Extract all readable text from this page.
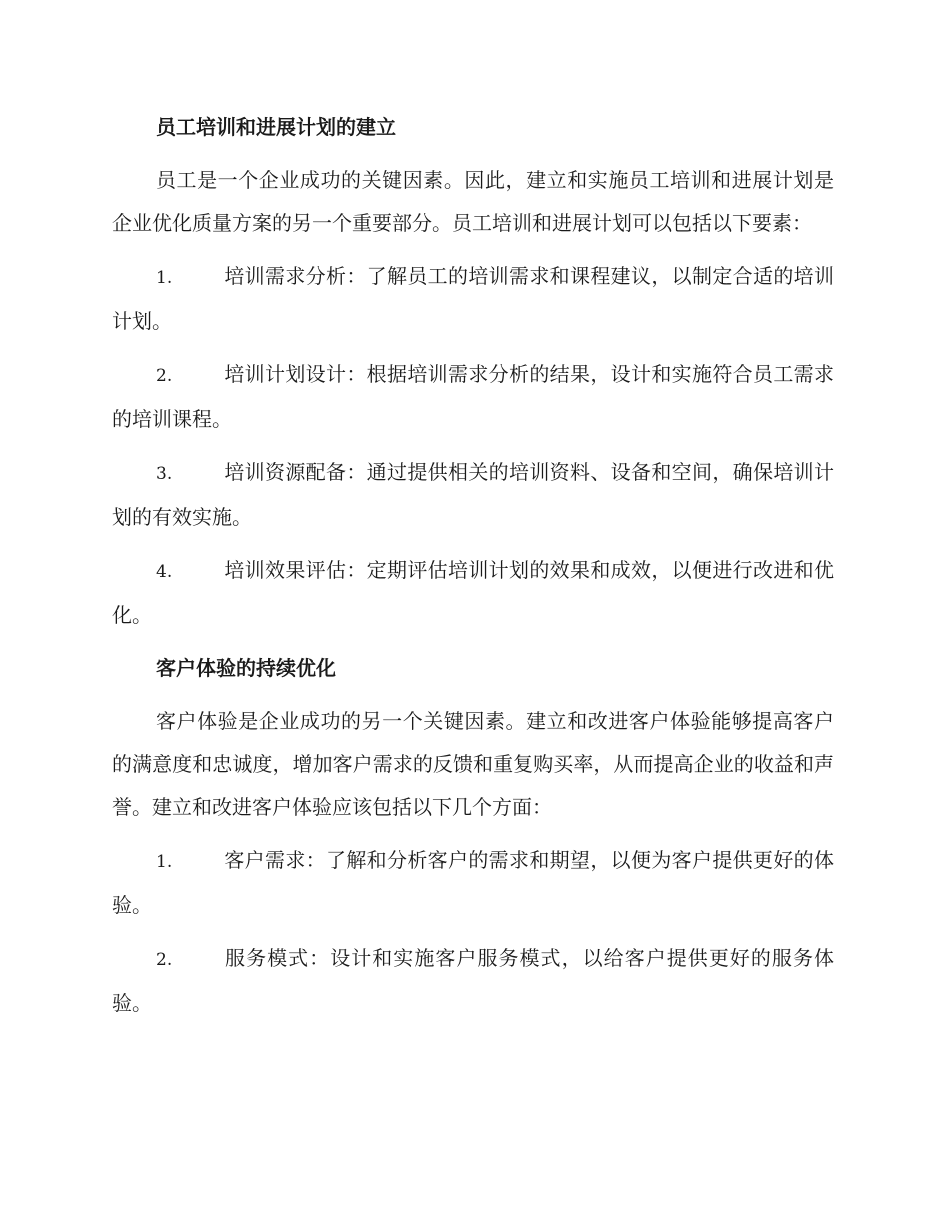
员工培训和进展计划的建立
员工是一个企业成功的关键因素。因此，建立和实施员工培训和进展计划是企业优化质量方案的另一个重要部分。员工培训和进展计划可以包括以下要素：
1.	培训需求分析：了解员工的培训需求和课程建议，以制定合适的培训计划。
2.	培训计划设计：根据培训需求分析的结果，设计和实施符合员工需求的培训课程。
3.	培训资源配备：通过提供相关的培训资料、设备和空间，确保培训计划的有效实施。
4.	培训效果评估：定期评估培训计划的效果和成效，以便进行改进和优化。
客户体验的持续优化
客户体验是企业成功的另一个关键因素。建立和改进客户体验能够提高客户的满意度和忠诚度，增加客户需求的反馈和重复购买率，从而提高企业的收益和声誉。建立和改进客户体验应该包括以下几个方面：
1.	客户需求：了解和分析客户的需求和期望，以便为客户提供更好的体验。
2.	服务模式：设计和实施客户服务模式，以给客户提供更好的服务体验。
